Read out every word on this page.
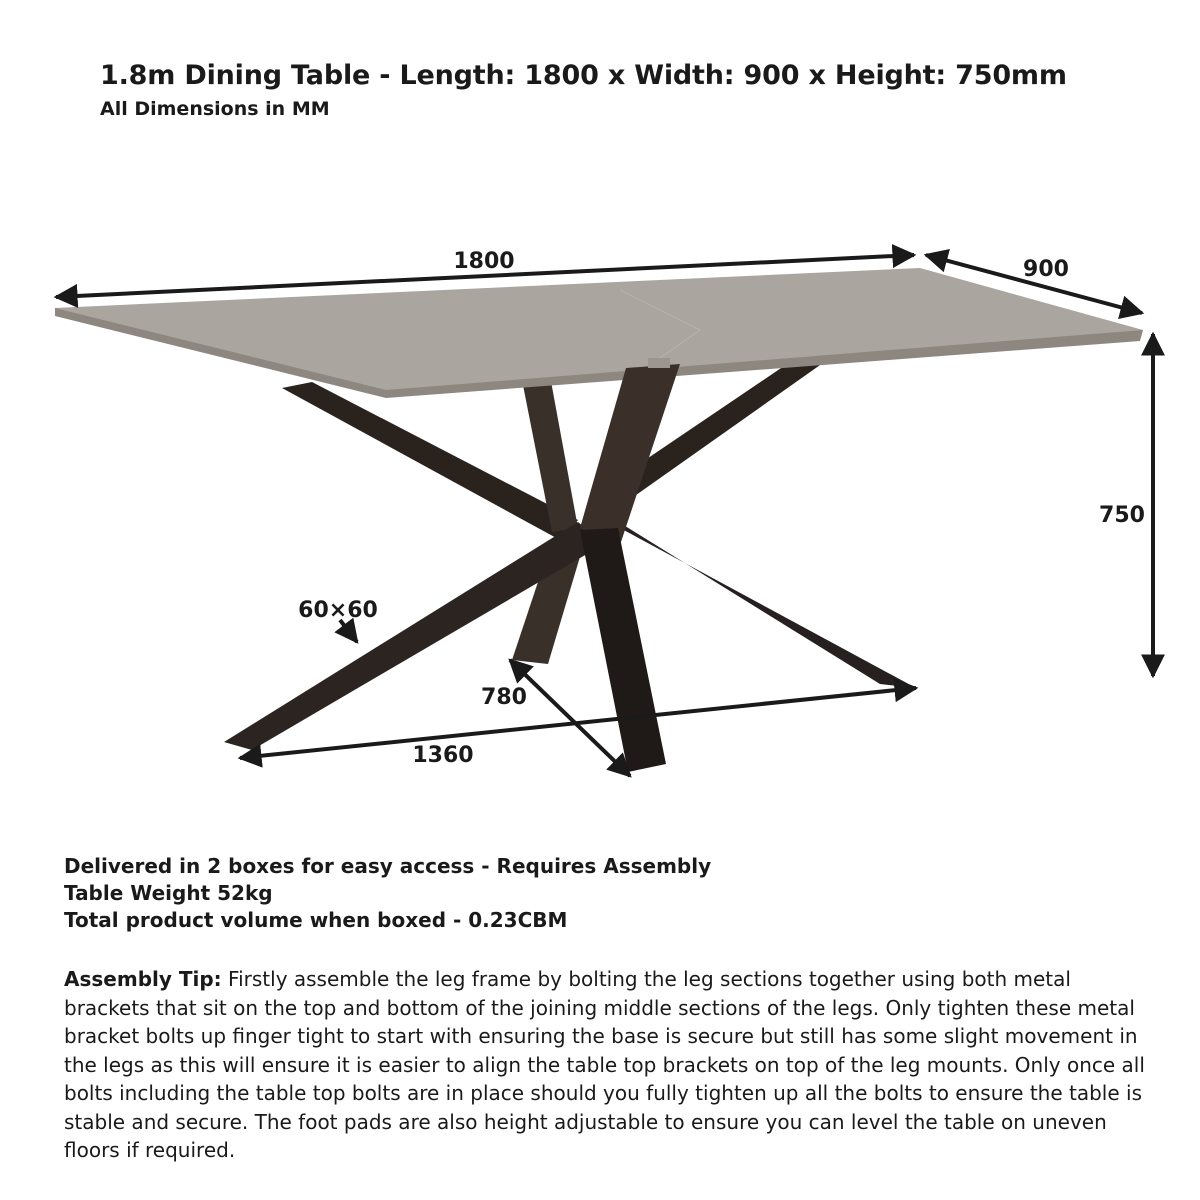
1.8m Dining Table - Length: 1800 x Width: 900 x Height: 750mm
All Dimensions in MM
1800	900
750
60×60
780
1360
Delivered in 2 boxes for easy access - Requires Assembly
Table Weight 52kg
Total product volume when boxed - 0.23CBM
Assembly Tip: Firstly assemble the leg frame by bolting the leg sections together using both metal brackets that sit on the top and bottom of the joining middle sections of the legs. Only tighten these metal bracket bolts up finger tight to start with ensuring the base is secure but still has some slight movement in the legs as this will ensure it is easier to align the table top brackets on top of the leg mounts. Only once all bolts including the table top bolts are in place should you fully tighten up all the bolts to ensure the table is stable and secure. The foot pads are also height adjustable to ensure you can level the table on uneven floors if required.
